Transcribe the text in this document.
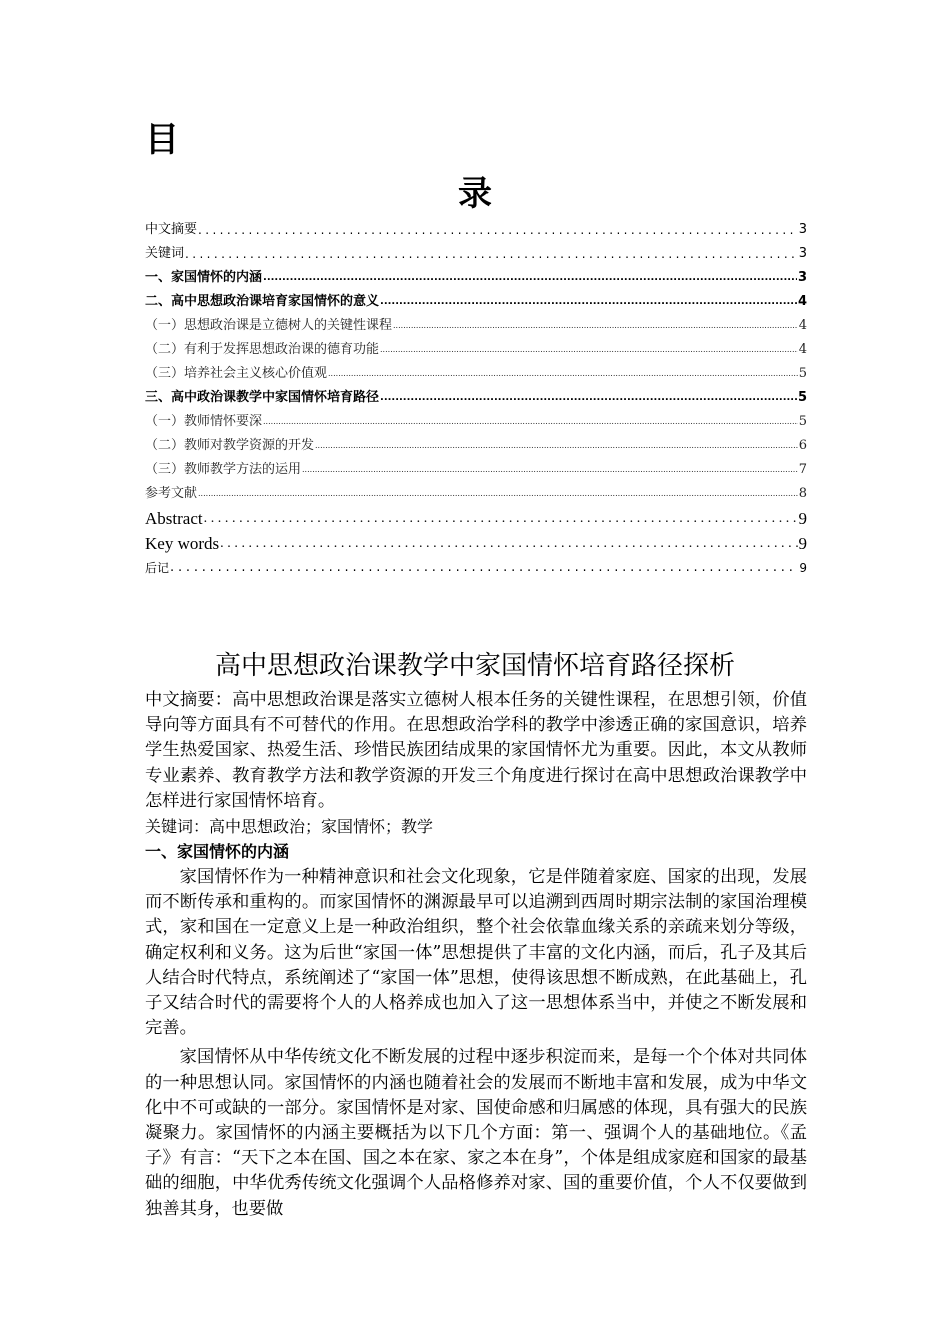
目
录
中文摘要 .....	3
关键词 .....	3
一、家国情怀的内涵 .....	3
二、高中思想政治课培育家国情怀的意义 .....	4
（一）思想政治课是立德树人的关键性课程 .....	4
（二）有利于发挥思想政治课的德育功能 .....	4
（三）培养社会主义核心价值观 .....	5
三、高中政治课教学中家国情怀培育路径 .....	5
（一）教师情怀要深 .....	5
（二）教师对教学资源的开发 .....	6
（三）教师教学方法的运用 .....	7
参考文献 .....	8
Abstract .....	9
Key words .....	9
后记 .....	9
高中思想政治课教学中家国情怀培育路径探析

中文摘要：高中思想政治课是落实立德树人根本任务的关键性课程，在思想引领，价值导向等方面具有不可替代的作用。在思想政治学科的教学中渗透正确的家国意识，培养学生热爱国家、热爱生活、珍惜民族团结成果的家国情怀尤为重要。因此，本文从教师专业素养、教育教学方法和教学资源的开发三个角度进行探讨在高中思想政治课教学中怎样进行家国情怀培育。

关键词：高中思想政治；家国情怀；教学

一、家国情怀的内涵

家国情怀作为一种精神意识和社会文化现象，它是伴随着家庭、国家的出现，发展而不断传承和重构的。而家国情怀的渊源最早可以追溯到西周时期宗法制的家国治理模式，家和国在一定意义上是一种政治组织，整个社会依靠血缘关系的亲疏来划分等级，确定权利和义务。这为后世“家国一体”思想提供了丰富的文化内涵，而后，孔子及其后人结合时代特点，系统阐述了“家国一体”思想，使得该思想不断成熟，在此基础上，孔子又结合时代的需要将个人的人格养成也加入了这一思想体系当中，并使之不断发展和完善。

家国情怀从中华传统文化不断发展的过程中逐步积淀而来，是每一个个体对共同体的一种思想认同。家国情怀的内涵也随着社会的发展而不断地丰富和发展，成为中华文化中不可或缺的一部分。家国情怀是对家、国使命感和归属感的体现，具有强大的民族凝聚力。家国情怀的内涵主要概括为以下几个方面：第一、强调个人的基础地位。《孟子》有言：“天下之本在国、国之本在家、家之本在身”，个体是组成家庭和国家的最基础的细胞，中华优秀传统文化强调个人品格修养对家、国的重要价值，个人不仅要做到独善其身，也要做
